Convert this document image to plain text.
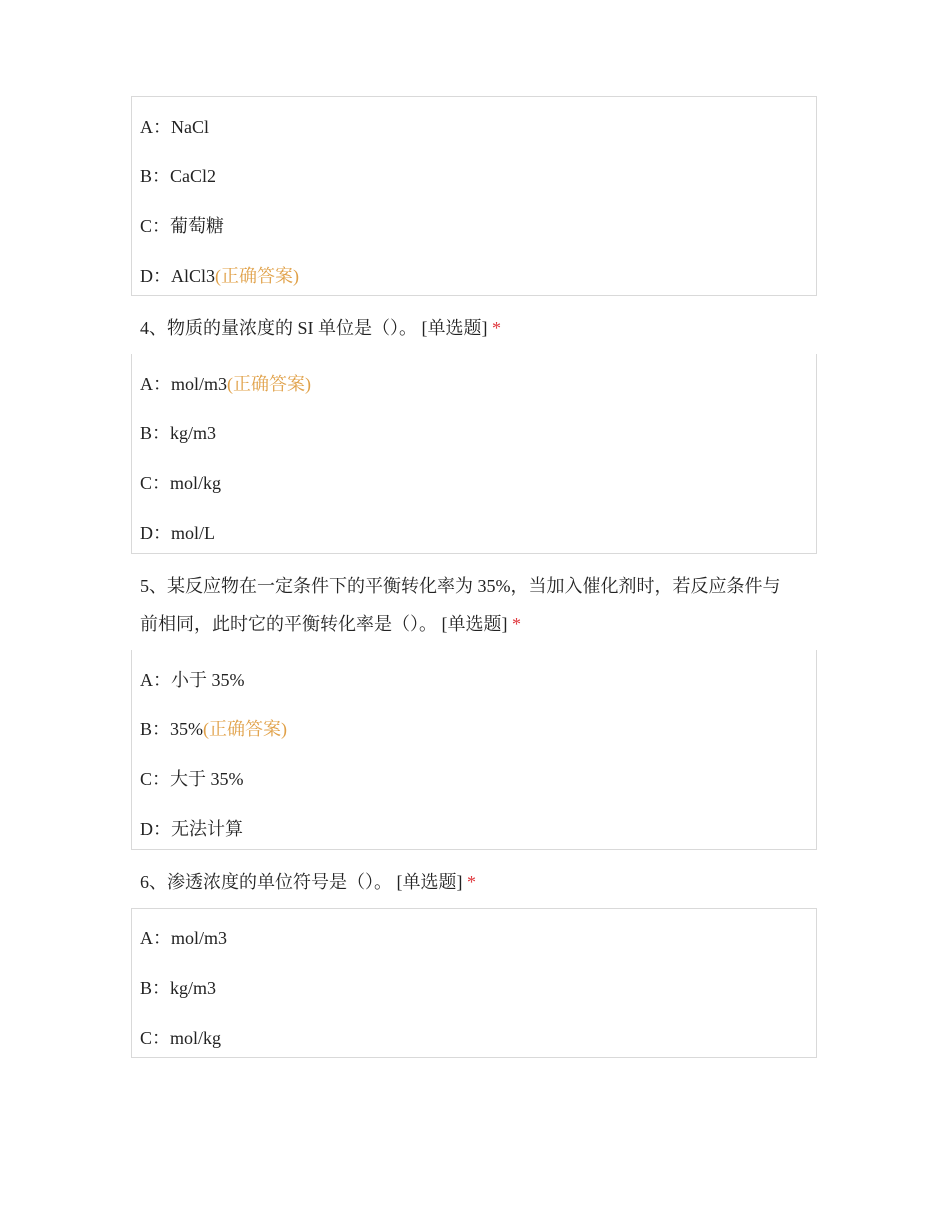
A：NaCl
B：CaCl2
C：葡萄糖
D：AlCl3(正确答案)
4、物质的量浓度的 SI 单位是（）。 [单选题] *
A：mol/m3(正确答案)
B：kg/m3
C：mol/kg
D：mol/L
5、某反应物在一定条件下的平衡转化率为 35%，当加入催化剂时，若反应条件与
前相同，此时它的平衡转化率是（）。 [单选题] *
A：小于 35%
B：35%(正确答案)
C：大于 35%
D：无法计算
6、渗透浓度的单位符号是（）。 [单选题] *
A：mol/m3
B：kg/m3
C：mol/kg
